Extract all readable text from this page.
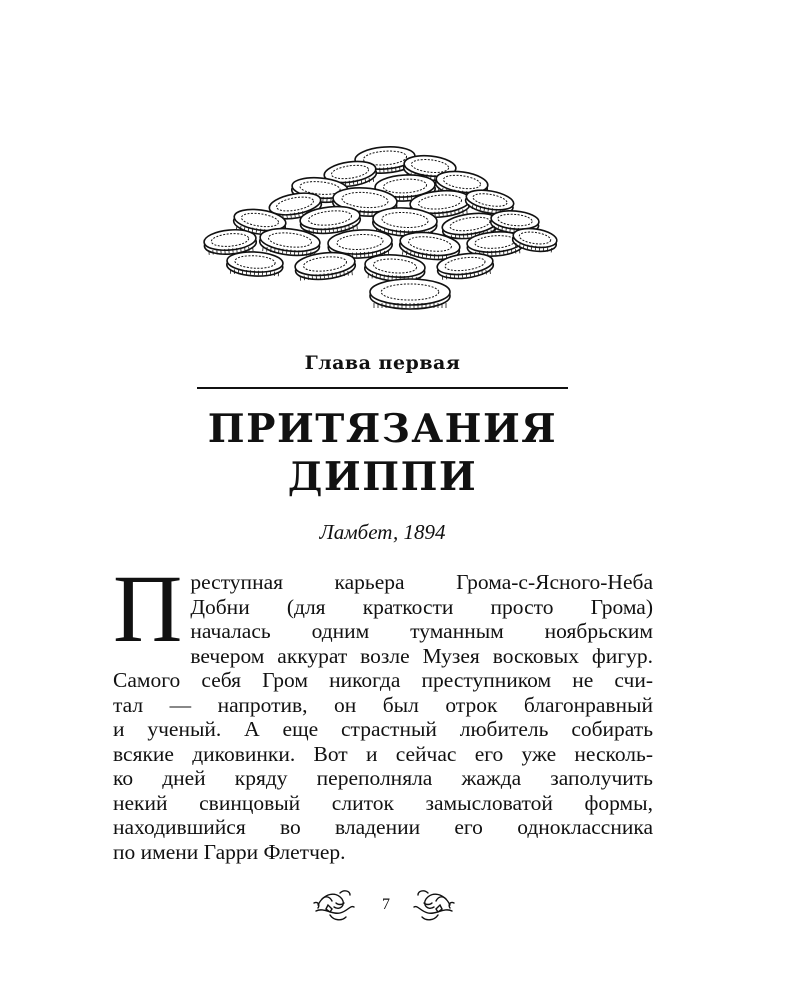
Глава первая
ПРИТЯЗАНИЯ
ДИППИ
Ламбет, 1894
П реступная карьера Грома-с-Ясного-Неба
Добни (для краткости просто Грома)
началась одним туманным ноябрьским
вечером аккурат возле Музея восковых фигур.
Самого себя Гром никогда преступником не счи-
тал — напротив, он был отрок благонравный
и ученый. А еще страстный любитель собирать
всякие диковинки. Вот и сейчас его уже несколь-
ко дней кряду переполняла жажда заполучить
некий свинцовый слиток замысловатой формы,
находившийся во владении его одноклассника
по имени Гарри Флетчер.
7
